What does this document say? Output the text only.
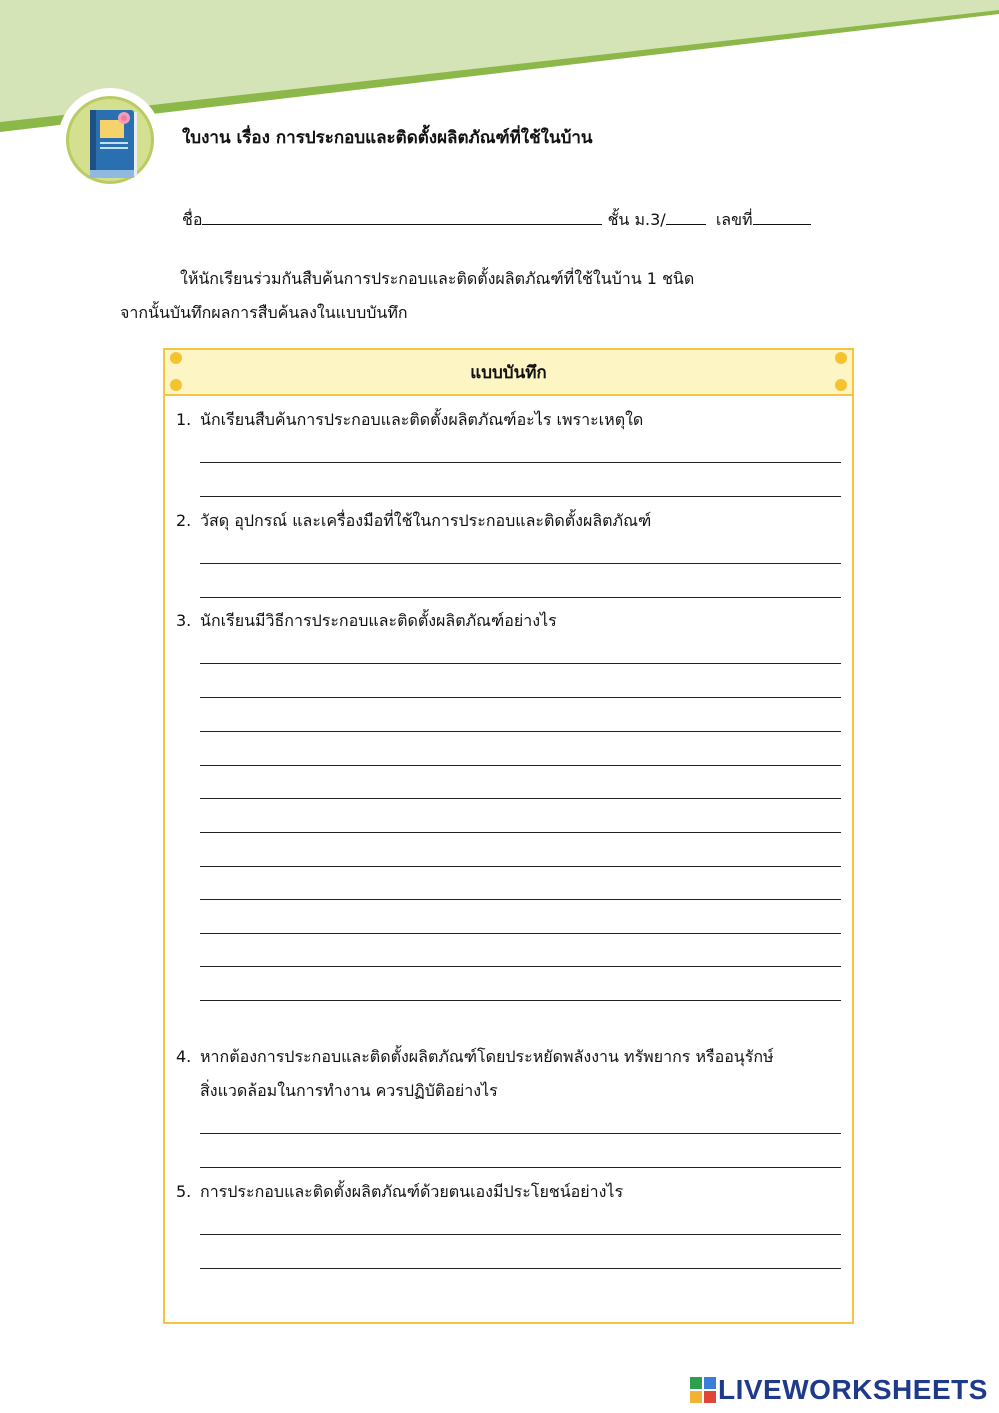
ใบงาน เรื่อง การประกอบและติดตั้งผลิตภัณฑ์ที่ใช้ในบ้าน
ชื่อ	ชั้น ม.3/	เลขที่
ให้นักเรียนร่วมกันสืบค้นการประกอบและติดตั้งผลิตภัณฑ์ที่ใช้ในบ้าน 1 ชนิด
จากนั้นบันทึกผลการสืบค้นลงในแบบบันทึก
แบบบันทึก
1. นักเรียนสืบค้นการประกอบและติดตั้งผลิตภัณฑ์อะไร เพราะเหตุใด
2. วัสดุ อุปกรณ์ และเครื่องมือที่ใช้ในการประกอบและติดตั้งผลิตภัณฑ์
3. นักเรียนมีวิธีการประกอบและติดตั้งผลิตภัณฑ์อย่างไร
4. หากต้องการประกอบและติดตั้งผลิตภัณฑ์โดยประหยัดพลังงาน ทรัพยากร หรืออนุรักษ์
สิ่งแวดล้อมในการทำงาน ควรปฏิบัติอย่างไร
5. การประกอบและติดตั้งผลิตภัณฑ์ด้วยตนเองมีประโยชน์อย่างไร
LIVEWORKSHEETS
